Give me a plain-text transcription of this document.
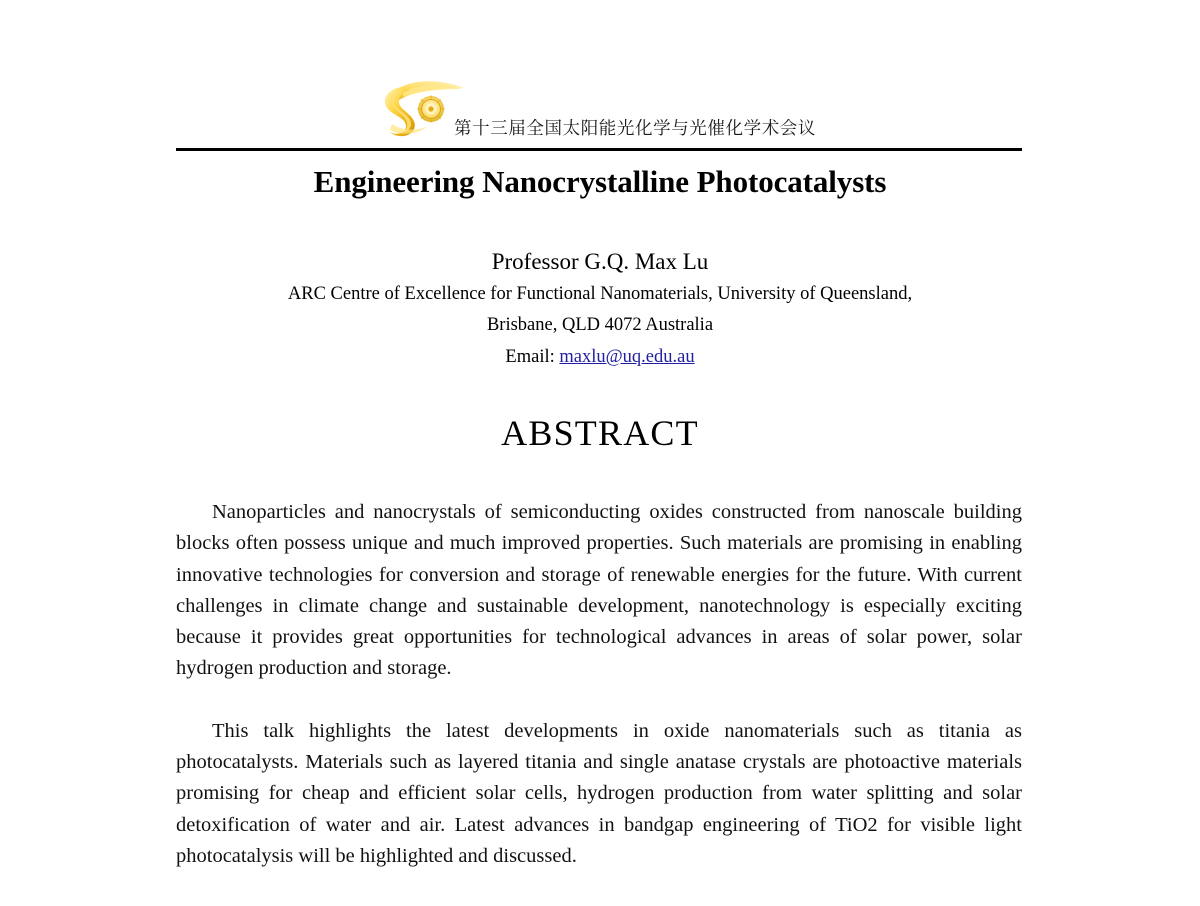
第十三届全国太阳能光化学与光催化学术会议
Engineering Nanocrystalline Photocatalysts
Professor G.Q. Max Lu
ARC Centre of Excellence for Functional Nanomaterials, University of Queensland,
Brisbane, QLD 4072 Australia
Email: maxlu@uq.edu.au
ABSTRACT

Nanoparticles and nanocrystals of semiconducting oxides constructed from nanoscale building blocks often possess unique and much improved properties. Such materials are promising in enabling innovative technologies for conversion and storage of renewable energies for the future. With current challenges in climate change and sustainable development, nanotechnology is especially exciting because it provides great opportunities for technological advances in areas of solar power, solar hydrogen production and storage.

This talk highlights the latest developments in oxide nanomaterials such as titania as photocatalysts. Materials such as layered titania and single anatase crystals are photoactive materials promising for cheap and efficient solar cells, hydrogen production from water splitting and solar detoxification of water and air. Latest advances in bandgap engineering of TiO2 for visible light photocatalysis will be highlighted and discussed.
